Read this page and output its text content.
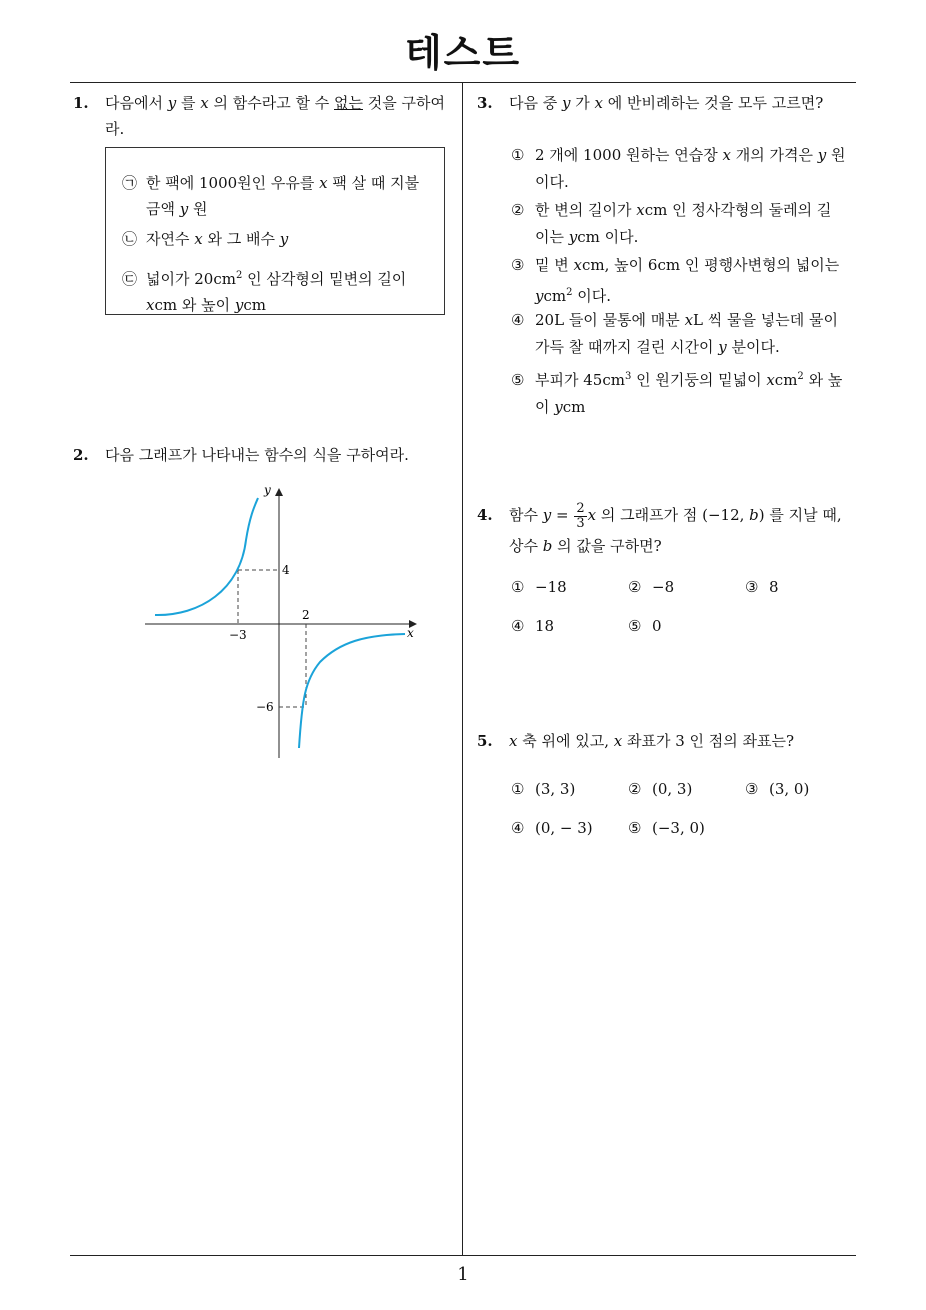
테스트
1. 다음에서 y 를 x 의 함수라고 할 수 없는 것을 구하여
라.
㉠ 한 팩에 1000원인 우유를 x 팩 살 때 지불
금액 y 원
㉡ 자연수 x 와 그 배수 y
㉢ 넓이가 $20cm^2$ 인 삼각형의 밑변의 길이
xcm 와 높이 ycm
2. 다음 그래프가 나타내는 함수의 식을 구하여라.
x
y
−3
2
4
−6
3. 다음 중 y 가 x 에 반비례하는 것을 모두 고르면?
① 2 개에 1000 원하는 연습장 x 개의 가격은 y 원
이다.
② 한 변의 길이가 xcm 인 정사각형의 둘레의 길
이는 ycm 이다.
③ 밑 변 xcm, 높이 6cm 인 평행사변형의 넓이는
ycm$^2$ 이다.
④ 20L 들이 물통에 매분 xL 씩 물을 넣는데 물이
가득 찰 때까지 걸린 시간이 y 분이다.
⑤ 부피가 $45cm^3$ 인 원기둥의 밑넓이 xcm$^2$ 와 높
이 ycm
4. 함수 $y = \frac{2}{3}$ x 의 그래프가 점 (−12, b) 를 지날 때,
상수 b 의 값을 구하면?
① −18	② −8	③ 8
④ 18	⑤ 0
5. x 축 위에 있고, x 좌표가 3 인 점의 좌표는?
① (3, 3)	② (0, 3)	③ (3, 0)
④ (0, − 3) ⑤ (−3, 0)
1
